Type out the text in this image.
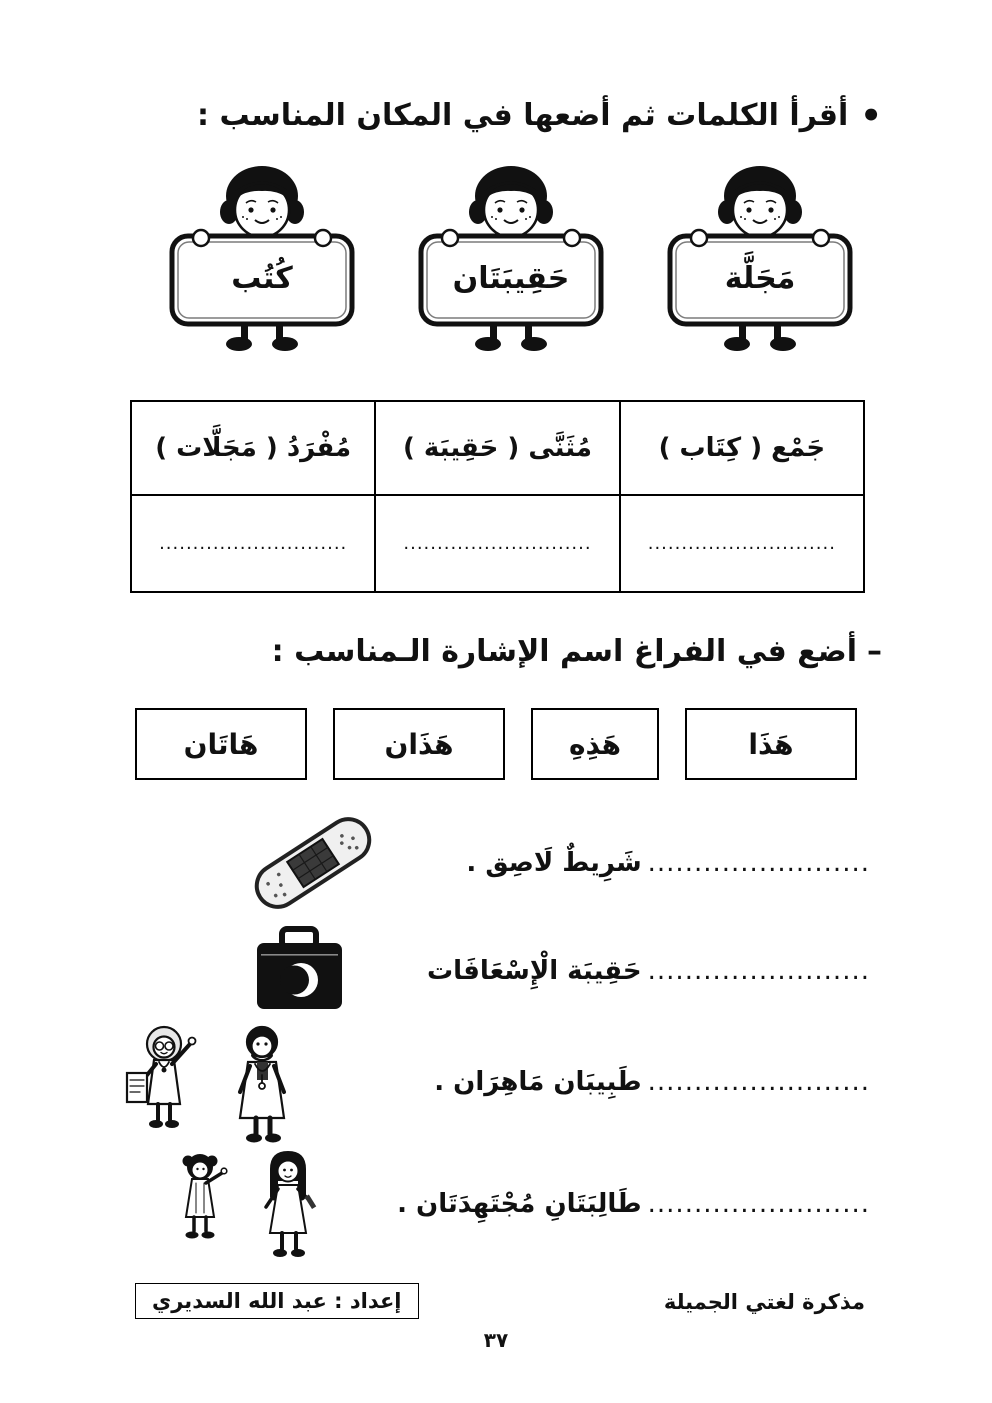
•
أقرأ الكلمات ثم أضعها في المكان المناسب :
مَجَلَّة
حَقِيبَتَان
كُتُب
جَمْع ( كِتَاب )	مُثَنَّى ( حَقِيبَة )	مُفْرَدُ ( مَجَلَّات )
............................	............................	............................
–
أضع في الفراغ اسم الإشارة الـمناسب :
هَذَا
هَذِهِ
هَذَان
هَاتَان
........................
شَرِيطٌ لَاصِق .
........................
حَقِيبَة الْإِسْعَافَات
........................
طَبِيبَان مَاهِرَان .
........................
طَالِبَتَانِ مُجْتَهِدَتَان .
إعداد : عبد الله السديري	مذكرة لغتي الجميلة
٣٧
